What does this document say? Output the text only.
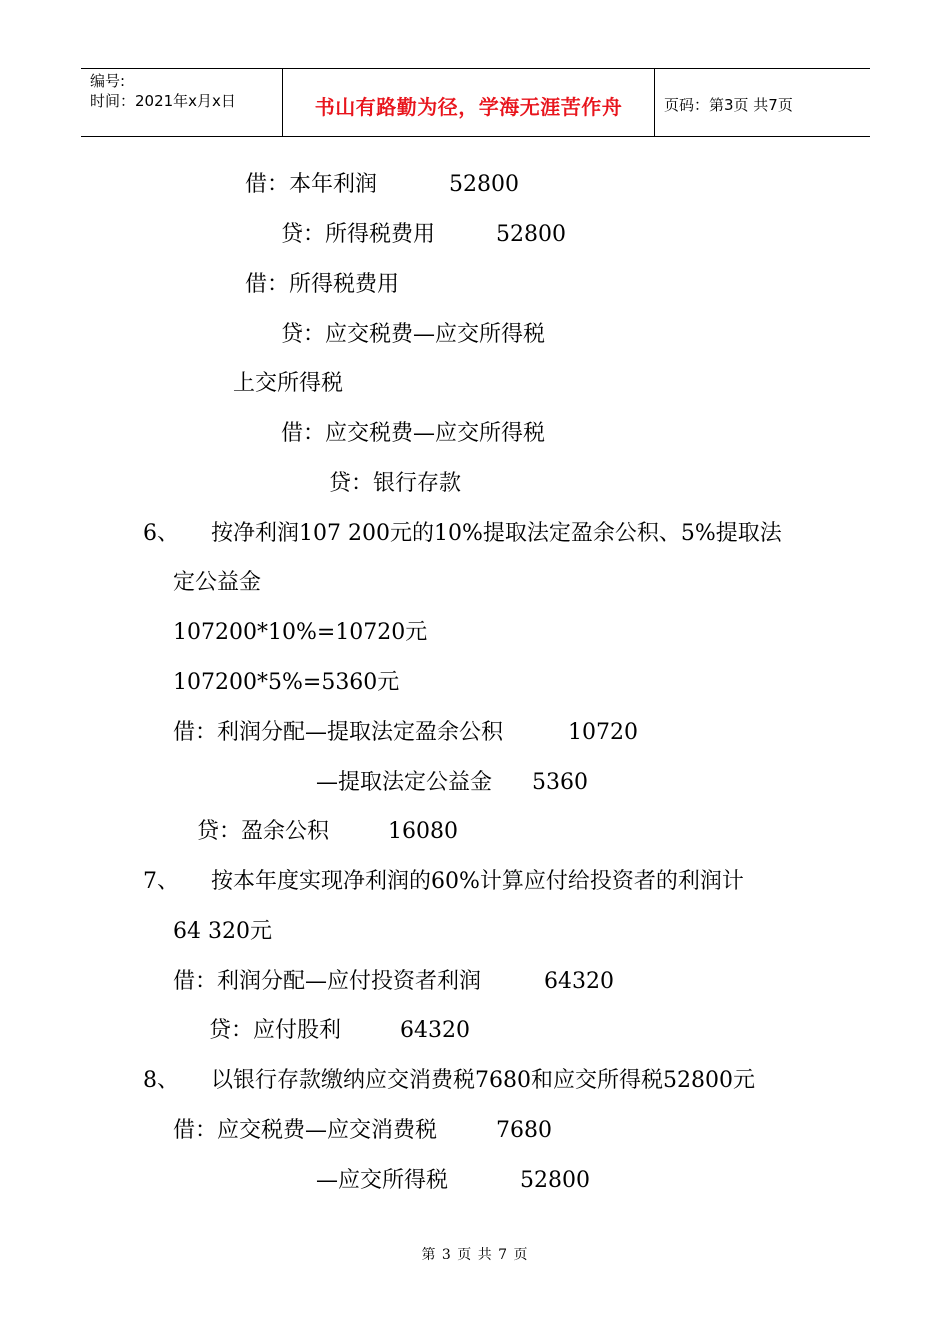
编号:
时间：2021年x月x日	书山有路勤为径，学海无涯苦作舟	页码：第3页 共7页
借：本年利润	52800
贷：所得税费用	52800
借：所得税费用
贷：应交税费—应交所得税
上交所得税
借：应交税费—应交所得税
贷：银行存款
6、 按净利润107 200元的10%提取法定盈余公积、5%提取法
定公益金
107200*10%=10720元
107200*5%=5360元
借：利润分配—提取法定盈余公积	10720
—提取法定公益金 5360
贷：盈余公积	16080
7、 按本年度实现净利润的60%计算应付给投资者的利润计
64 320元
借：利润分配—应付投资者利润	64320
贷：应付股利	64320
8、 以银行存款缴纳应交消费税7680和应交所得税52800元
借：应交税费—应交消费税	7680
—应交所得税	52800
第 3 页 共 7 页
